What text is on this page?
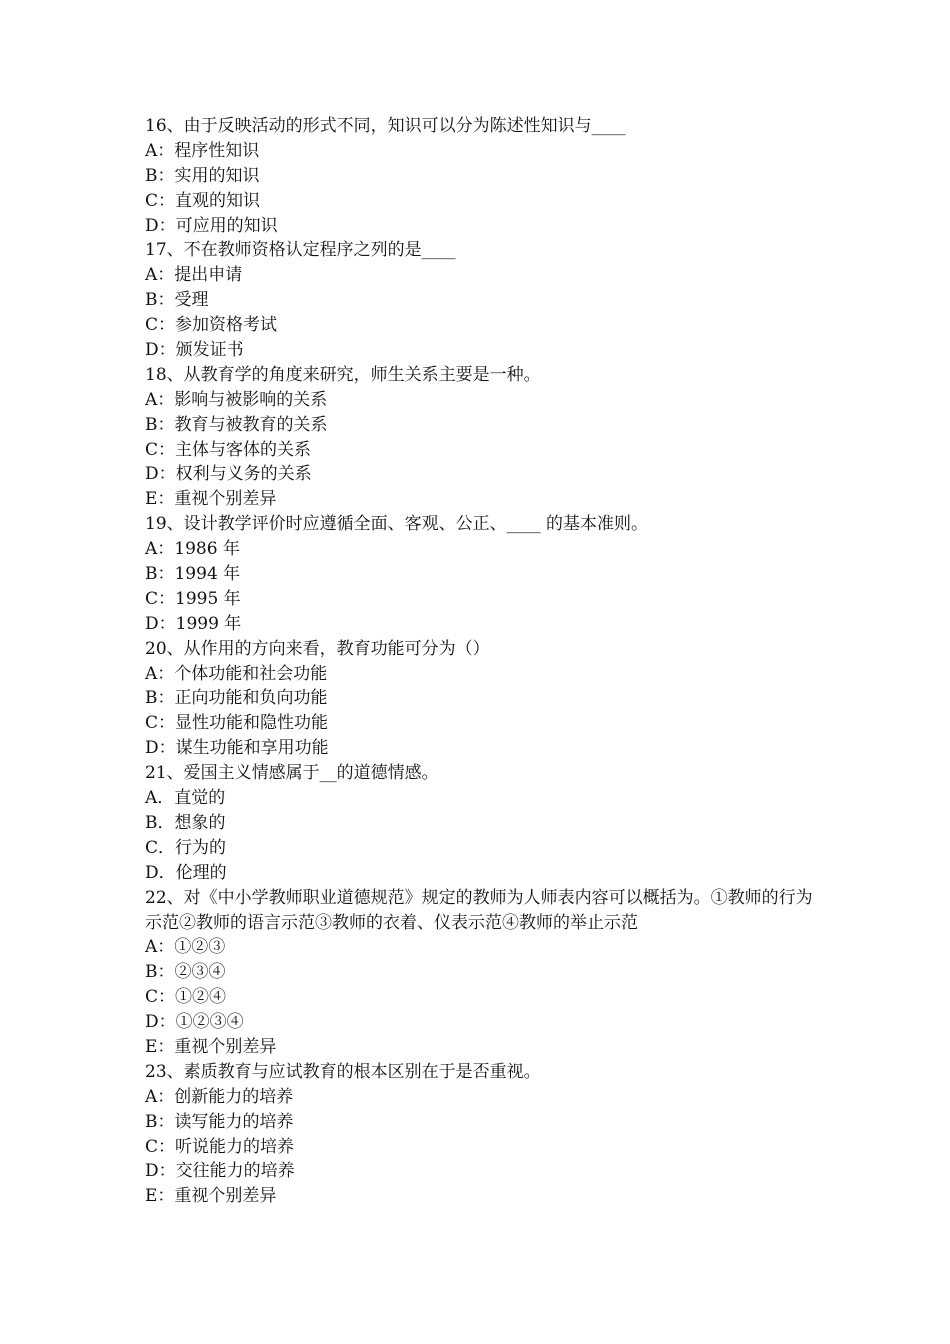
16、由于反映活动的形式不同，知识可以分为陈述性知识与____
A：程序性知识
B：实用的知识
C：直观的知识
D：可应用的知识
17、不在教师资格认定程序之列的是____
A：提出申请
B：受理
C：参加资格考试
D：颁发证书
18、从教育学的角度来研究，师生关系主要是一种。
A：影响与被影响的关系
B：教育与被教育的关系
C：主体与客体的关系
D：权利与义务的关系
E：重视个别差异
19、设计教学评价时应遵循全面、客观、公正、____ 的基本准则。
A：1986 年
B：1994 年
C：1995 年
D：1999 年
20、从作用的方向来看，教育功能可分为（）
A：个体功能和社会功能
B：正向功能和负向功能
C：显性功能和隐性功能
D：谋生功能和享用功能
21、爱国主义情感属于__的道德情感。
A．直觉的
B．想象的
C．行为的
D．伦理的
22、对《中小学教师职业道德规范》规定的教师为人师表内容可以概括为。①教师的行为示范②教师的语言示范③教师的衣着、仪表示范④教师的举止示范
A：①②③
B：②③④
C：①②④
D：①②③④
E：重视个别差异
23、素质教育与应试教育的根本区别在于是否重视。
A：创新能力的培养
B：读写能力的培养
C：听说能力的培养
D：交往能力的培养
E：重视个别差异
